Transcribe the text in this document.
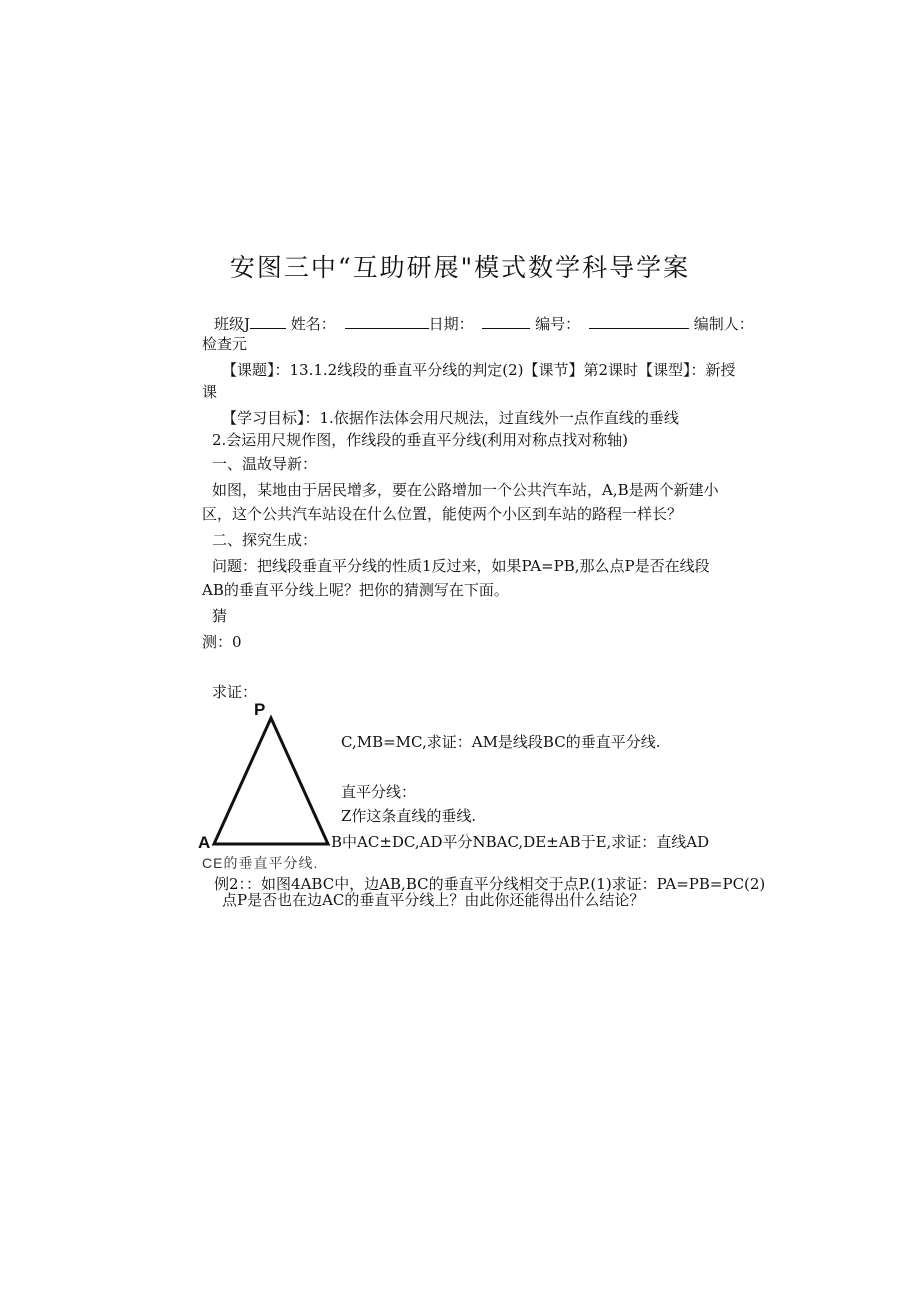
安图三中“互助研展"模式数学科导学案
班级J	姓名：	日期：	编号：	编制人：
检查元
【课题】：13.1.2线段的垂直平分线的判定(2)【课节】第2课时【课型】：新授
课
【学习目标】：1.依据作法体会用尺规法，过直线外一点作直线的垂线
2.会运用尺规作图，作线段的垂直平分线(利用对称点找对称轴)
一、温故导新：
如图，某地由于居民增多，要在公路增加一个公共汽车站，A,B是两个新建小
区，这个公共汽车站设在什么位置，能使两个小区到车站的路程一样长？
二、探究生成：
问题：把线段垂直平分线的性质1反过来，如果PA=PB,那么点P是否在线段
AB的垂直平分线上呢？把你的猜测写在下面。
猜
测：0
求证：
P
A
CE的垂直平分线.
C,MB=MC,求证：AM是线段BC的垂直平分线.
直平分线：
Z作这条直线的垂线.
B中AC±DC,AD平分NBAC,DE±AB于E,求证：直线AD
例2：：如图4ABC中，边AB,BC的垂直平分线相交于点P.(1)求证：PA=PB=PC(2)
点P是否也在边AC的垂直平分线上？由此你还能得出什么结论？
